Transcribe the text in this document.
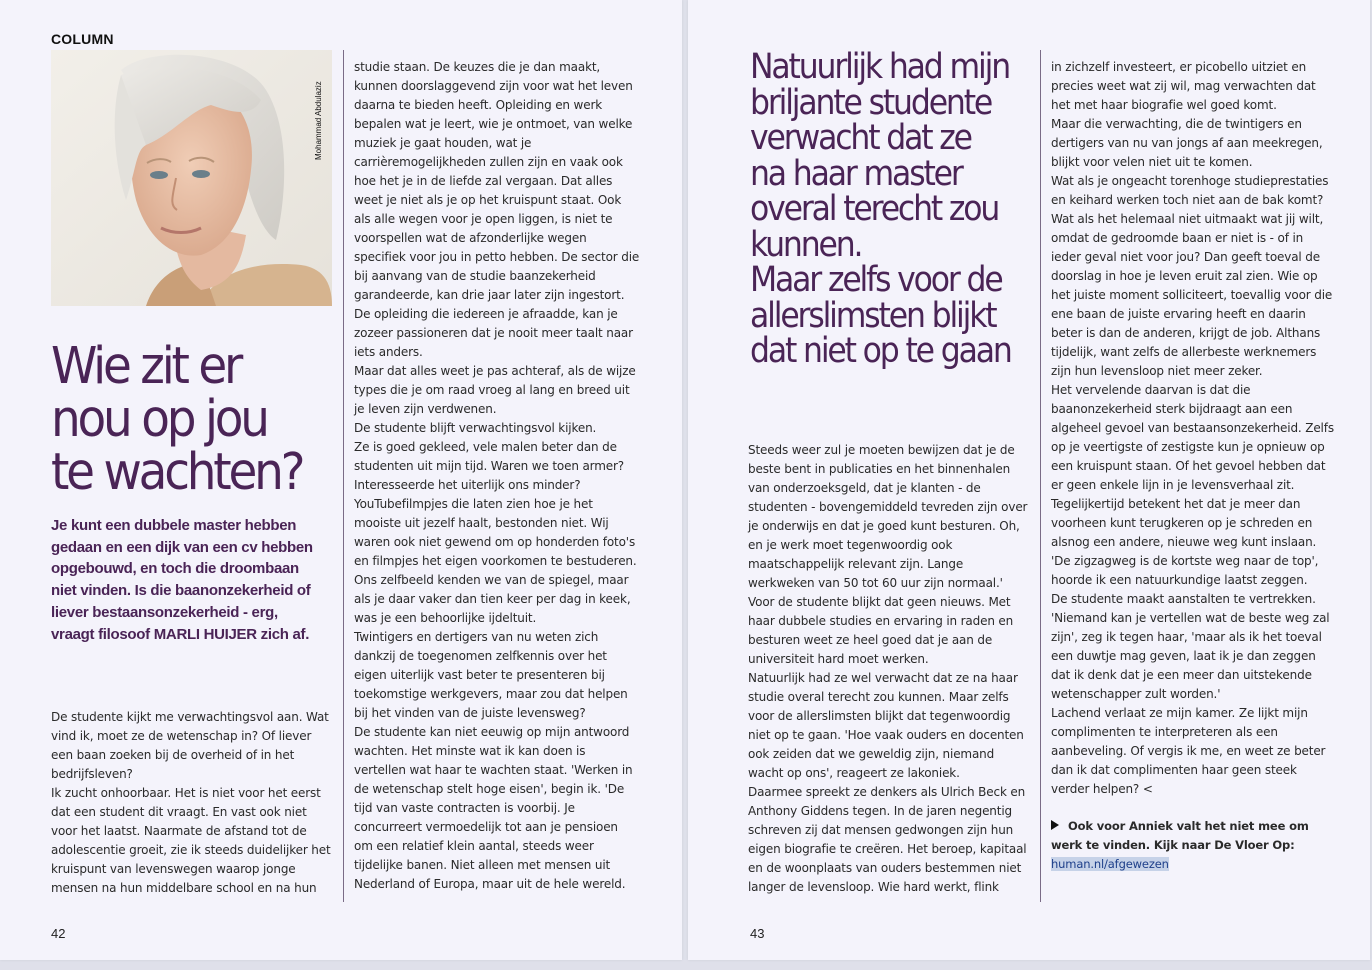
COLUMN
Mohammad Abdulaziz
Wie zit er
nou op jou
te wachten?
Je kunt een dubbele master hebben gedaan en een dijk van een cv hebben opgebouwd, en toch die droombaan niet vinden. Is die baanonzekerheid of liever bestaansonzekerheid - erg, vraagt filosoof MARLI HUIJER zich af.

De studente kijkt me verwachtingsvol aan. Wat vind ik, moet ze de wetenschap in? Of liever een baan zoeken bij de overheid of in het bedrijfsleven?

Ik zucht onhoorbaar. Het is niet voor het eerst dat een student dit vraagt. En vast ook niet voor het laatst. Naarmate de afstand tot de adolescentie groeit, zie ik steeds duidelijker het kruispunt van levenswegen waarop jonge mensen na hun middelbare school en na hun

studie staan. De keuzes die je dan maakt, kunnen doorslaggevend zijn voor wat het leven daarna te bieden heeft. Opleiding en werk bepalen wat je leert, wie je ontmoet, van welke muziek je gaat houden, wat je carrièremogelijkheden zullen zijn en vaak ook hoe het je in de liefde zal vergaan. Dat alles weet je niet als je op het kruispunt staat. Ook als alle wegen voor je open liggen, is niet te voorspellen wat de afzonderlijke wegen specifiek voor jou in petto hebben. De sector die bij aanvang van de studie baanzekerheid garandeerde, kan drie jaar later zijn ingestort. De opleiding die iedereen je afraadde, kan je zozeer passioneren dat je nooit meer taalt naar iets anders.

Maar dat alles weet je pas achteraf, als de wijze types die je om raad vroeg al lang en breed uit je leven zijn verdwenen.

De studente blijft verwachtingsvol kijken.

Ze is goed gekleed, vele malen beter dan de studenten uit mijn tijd. Waren we toen armer? Interesseerde het uiterlijk ons minder? YouTubefilmpjes die laten zien hoe je het mooiste uit jezelf haalt, bestonden niet. Wij waren ook niet gewend om op honderden foto's en filmpjes het eigen voorkomen te bestuderen. Ons zelfbeeld kenden we van de spiegel, maar als je daar vaker dan tien keer per dag in keek, was je een behoorlijke ijdeltuit.

Twintigers en dertigers van nu weten zich dankzij de toegenomen zelfkennis over het eigen uiterlijk vast beter te presenteren bij toekomstige werkgevers, maar zou dat helpen bij het vinden van de juiste levensweg?

De studente kan niet eeuwig op mijn antwoord wachten. Het minste wat ik kan doen is vertellen wat haar te wachten staat. 'Werken in de wetenschap stelt hoge eisen', begin ik. 'De tijd van vaste contracten is voorbij. Je concurreert vermoedelijk tot aan je pensioen om een relatief klein aantal, steeds weer tijdelijke banen. Niet alleen met mensen uit Nederland of Europa, maar uit de hele wereld.

42
Natuurlijk had mijn
briljante studente
verwacht dat ze
na haar master
overal terecht zou
kunnen.
Maar zelfs voor de
allerslimsten blijkt
dat niet op te gaan

Steeds weer zul je moeten bewijzen dat je de beste bent in publicaties en het binnenhalen van onderzoeksgeld, dat je klanten - de studenten - bovengemiddeld tevreden zijn over je onderwijs en dat je goed kunt besturen. Oh, en je werk moet tegenwoordig ook maatschappelijk relevant zijn. Lange werkweken van 50 tot 60 uur zijn normaal.'

Voor de studente blijkt dat geen nieuws. Met haar dubbele studies en ervaring in raden en besturen weet ze heel goed dat je aan de universiteit hard moet werken.

Natuurlijk had ze wel verwacht dat ze na haar studie overal terecht zou kunnen. Maar zelfs voor de allerslimsten blijkt dat tegenwoordig niet op te gaan. 'Hoe vaak ouders en docenten ook zeiden dat we geweldig zijn, niemand wacht op ons', reageert ze lakoniek.

Daarmee spreekt ze denkers als Ulrich Beck en Anthony Giddens tegen. In de jaren negentig schreven zij dat mensen gedwongen zijn hun eigen biografie te creëren. Het beroep, kapitaal en de woonplaats van ouders bestemmen niet langer de levensloop. Wie hard werkt, flink

in zichzelf investeert, er picobello uitziet en precies weet wat zij wil, mag verwachten dat het met haar biografie wel goed komt.

Maar die verwachting, die de twintigers en dertigers van nu van jongs af aan meekregen, blijkt voor velen niet uit te komen.

Wat als je ongeacht torenhoge studieprestaties en keihard werken toch niet aan de bak komt? Wat als het helemaal niet uitmaakt wat jij wilt, omdat de gedroomde baan er niet is - of in ieder geval niet voor jou? Dan geeft toeval de doorslag in hoe je leven eruit zal zien. Wie op het juiste moment solliciteert, toevallig voor die ene baan de juiste ervaring heeft en daarin beter is dan de anderen, krijgt de job. Althans tijdelijk, want zelfs de allerbeste werknemers zijn hun levensloop niet meer zeker.

Het vervelende daarvan is dat die baanonzekerheid sterk bijdraagt aan een algeheel gevoel van bestaansonzekerheid. Zelfs op je veertigste of zestigste kun je opnieuw op een kruispunt staan. Of het gevoel hebben dat er geen enkele lijn in je levensverhaal zit.

Tegelijkertijd betekent het dat je meer dan voorheen kunt terugkeren op je schreden en alsnog een andere, nieuwe weg kunt inslaan. 'De zigzagweg is de kortste weg naar de top', hoorde ik een natuurkundige laatst zeggen.

De studente maakt aanstalten te vertrekken. 'Niemand kan je vertellen wat de beste weg zal zijn', zeg ik tegen haar, 'maar als ik het toeval een duwtje mag geven, laat ik je dan zeggen dat ik denk dat je een meer dan uitstekende wetenschapper zult worden.'

Lachend verlaat ze mijn kamer. Ze lijkt mijn complimenten te interpreteren als een aanbeveling. Of vergis ik me, en weet ze beter dan ik dat complimenten haar geen steek verder helpen? <

Ook voor Anniek valt het niet mee om werk te vinden. Kijk naar De Vloer Op:
human.nl/afgewezen
43
